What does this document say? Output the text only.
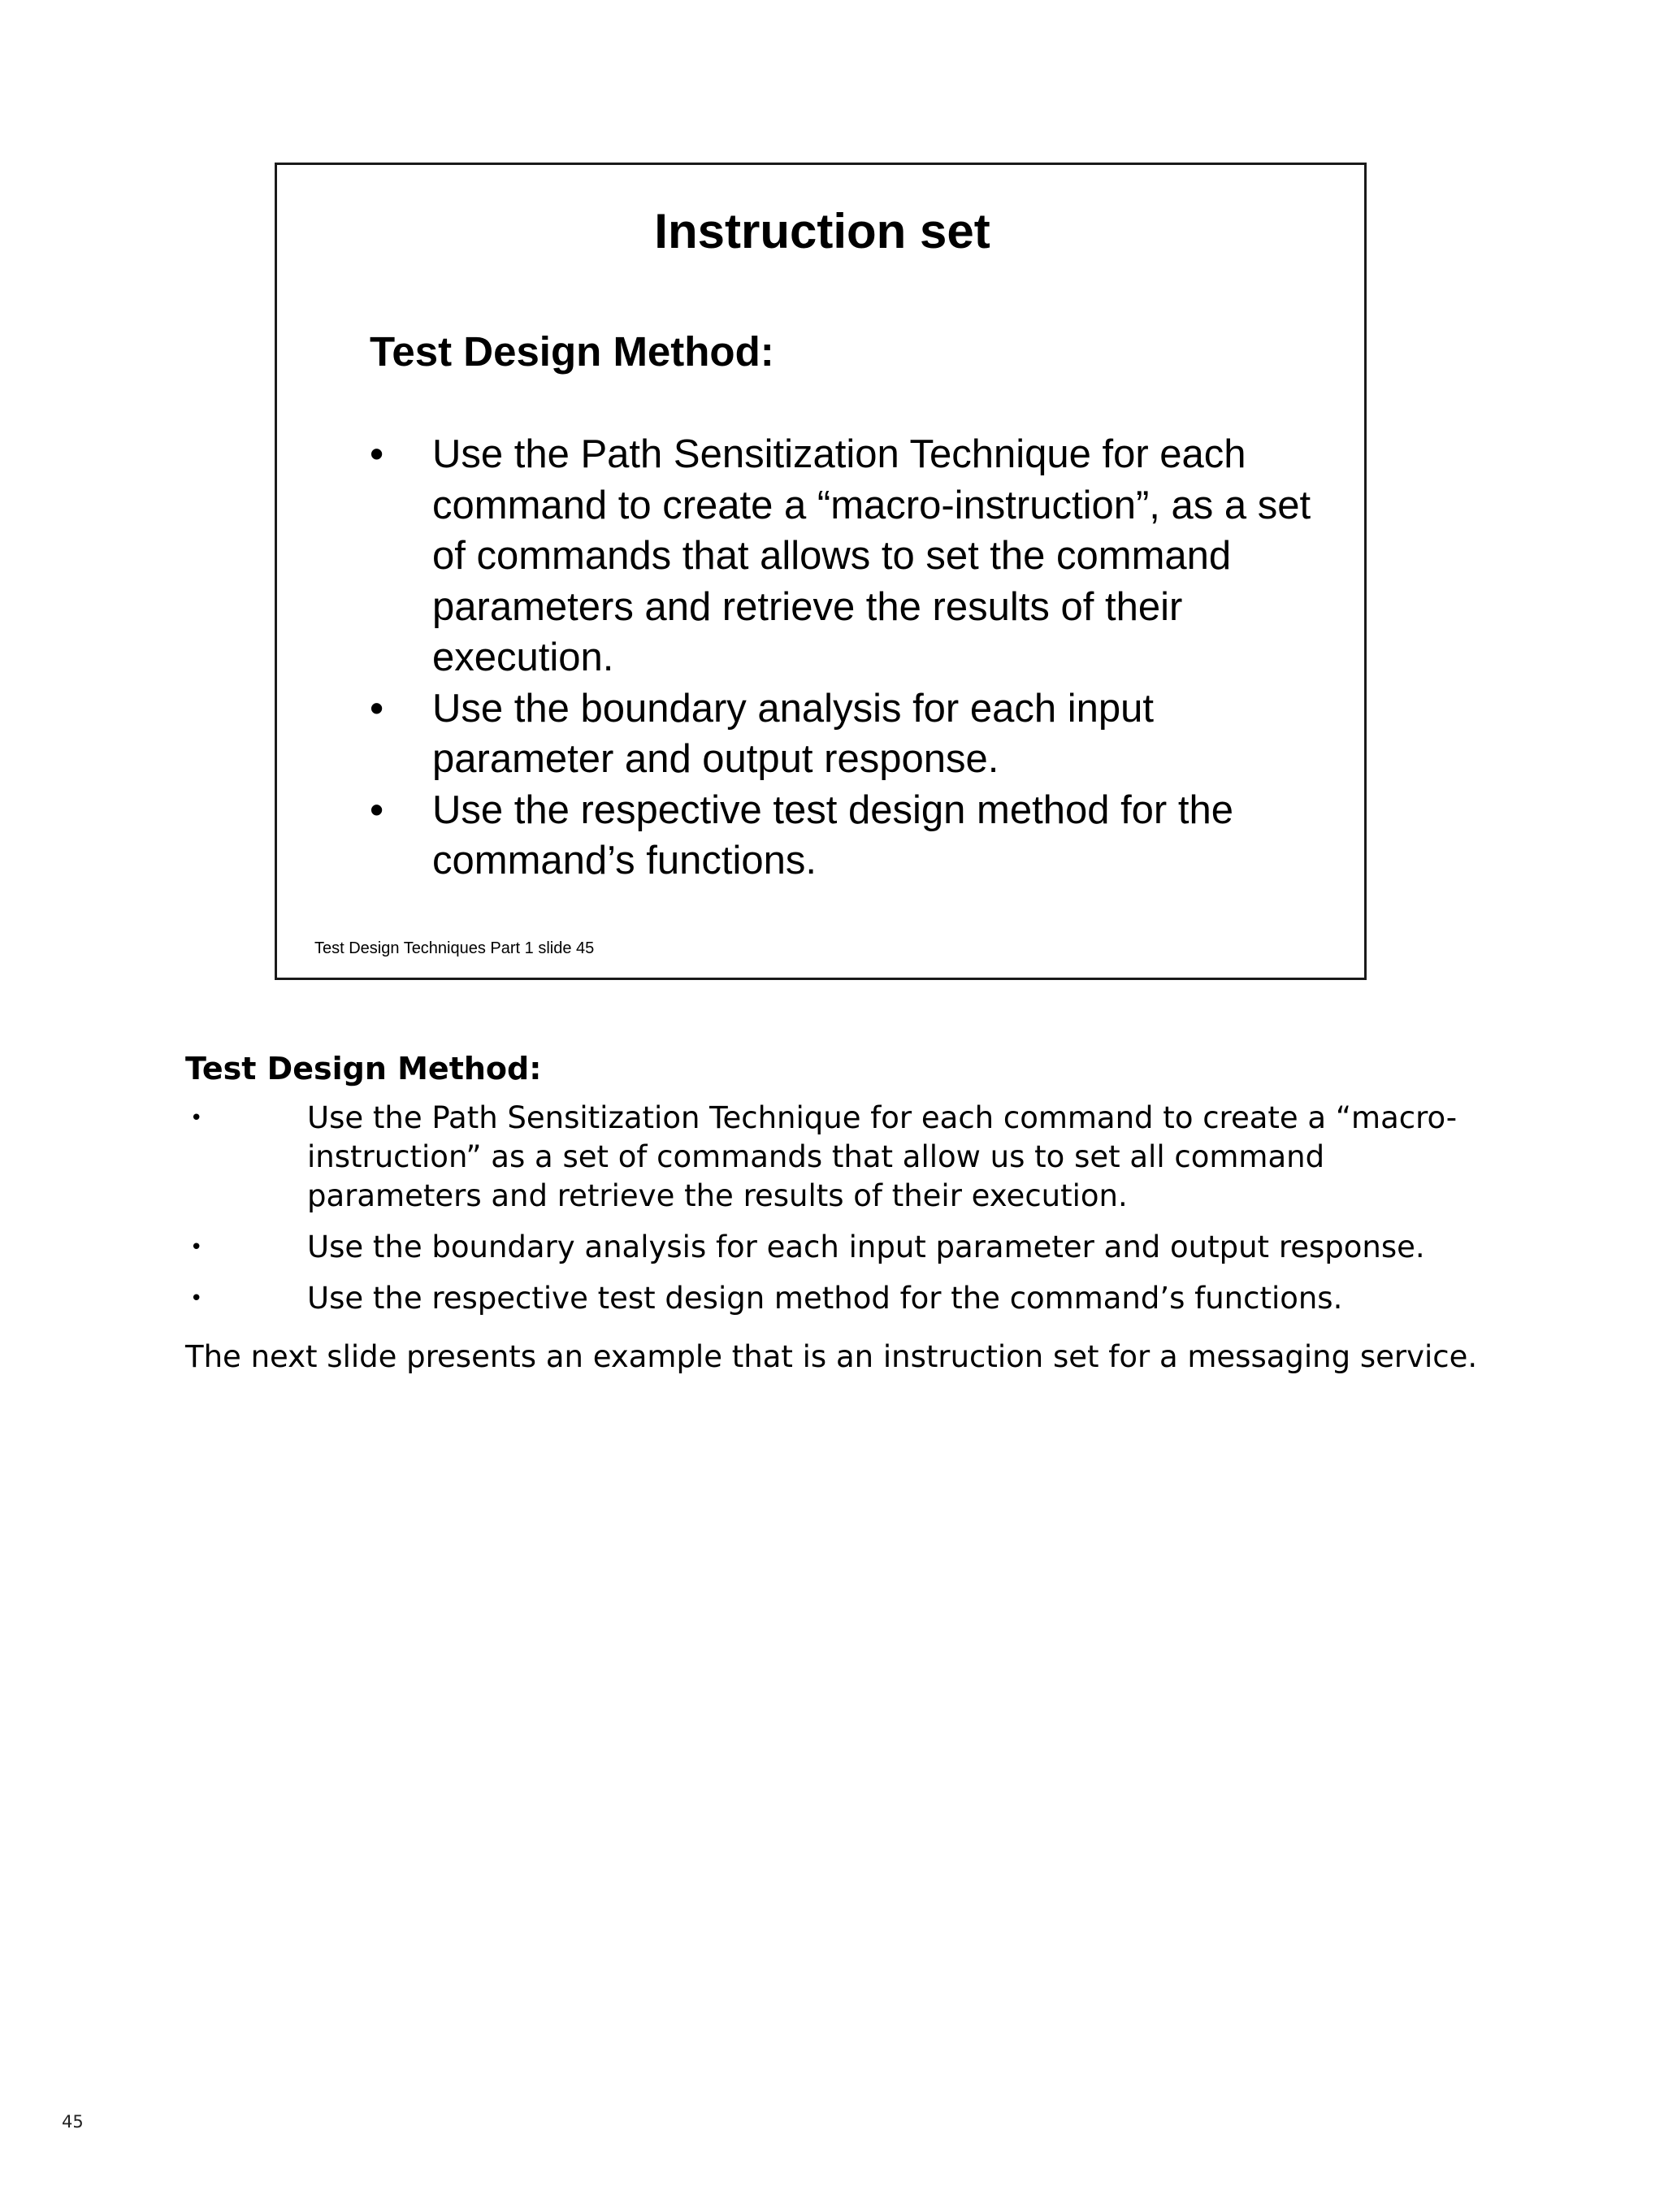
Instruction set
Test Design Method:
• Use the Path Sensitization Technique for each command to create a “macro-instruction”, as a set of commands that allows to set the command parameters and retrieve the results of their execution.
• Use the boundary analysis for each input parameter and output response.
• Use the respective test design method for the command’s functions.
Test Design Techniques Part 1 slide 45
Test Design Method:
•	Use the Path Sensitization Technique for each command to create a “macro-instruction” as a set of commands that allow us to set all command parameters and retrieve the results of their execution.
•	Use the boundary analysis for each input parameter and output response.
•	Use the respective test design method for the command’s functions.
The next slide presents an example that is an instruction set for a messaging service.
45
